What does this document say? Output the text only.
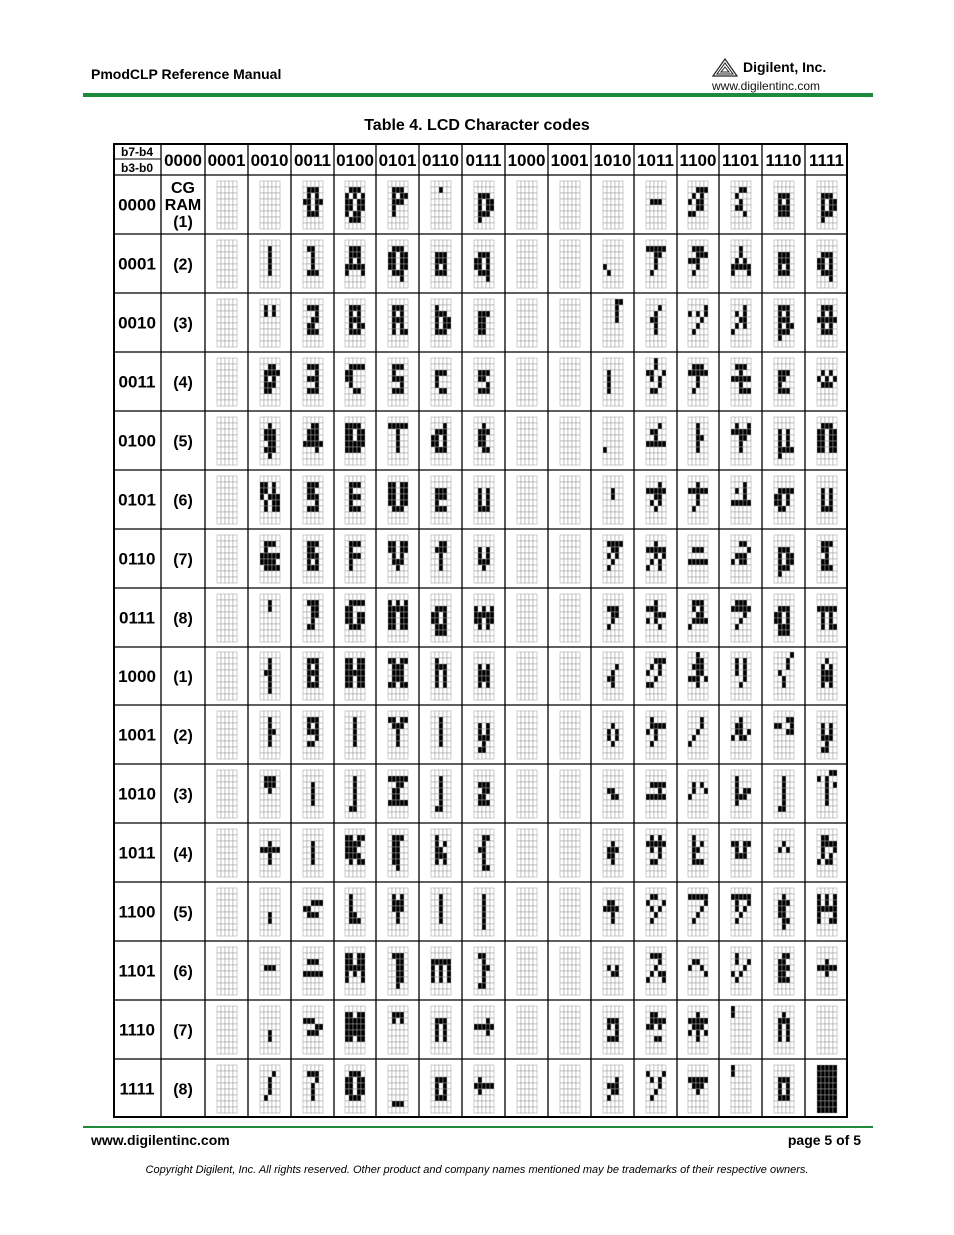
PmodCLP Reference Manual	Digilent, Inc.
www.digilentinc.com
Table 4. LCD Character codes
b7-b4
b3-b0 0000 0001 0010 0011 0100 0101 0110 0111 1000 1001 1010 1011 1100 1101 1110 1111
0000
CG
RAM
(1)
0001 (2)
0010 (3)
0011 (4)
0100 (5)
0101 (6)
0110 (7)
0111 (8)
1000 (1)
1001 (2)
1010 (3)
1011 (4)
1100 (5)
1101 (6)
1110 (7)
1111 (8)
www.digilentinc.com	page 5 of 5
Copyright Digilent, Inc. All rights reserved. Other product and company names mentioned may be trademarks of their respective owners.
